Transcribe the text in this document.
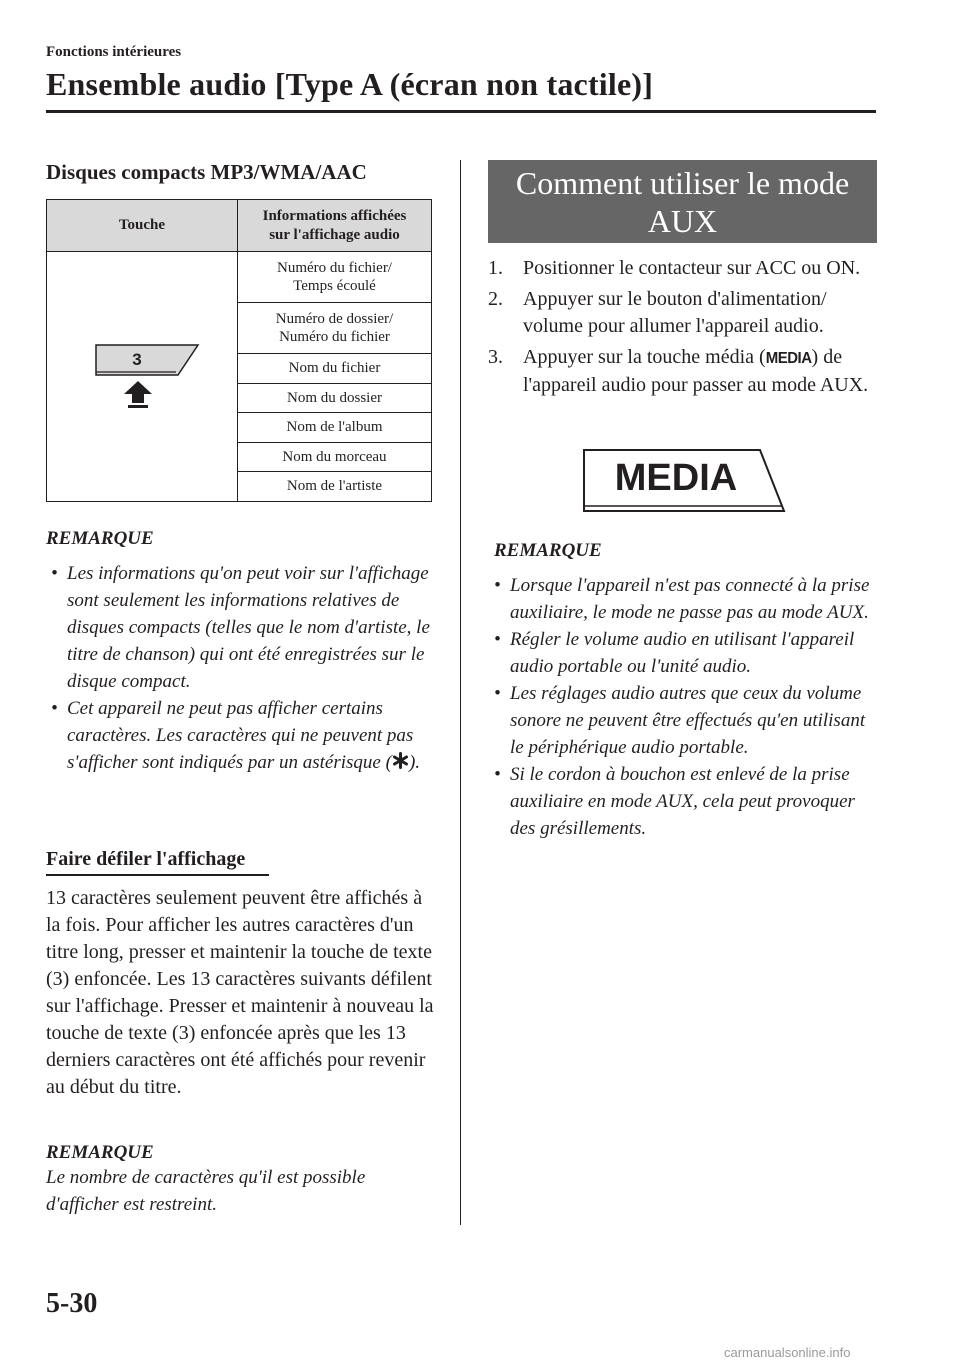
Fonctions intérieures
Ensemble audio [Type A (écran non tactile)]
Disques compacts MP3/WMA/AAC
Touche	Informations affichées
sur l'affichage audio

3	Numéro du fichier/
Temps écoulé
	Numéro de dossier/
Numéro du fichier
	Nom du fichier
	Nom du dossier
	Nom de l'album
	Nom du morceau
	Nom de l'artiste
REMARQUE
• Les informations qu'on peut voir sur l'affichage sont seulement les informations relatives de disques compacts (telles que le nom d'artiste, le titre de chanson) qui ont été enregistrées sur le disque compact.
• Cet appareil ne peut pas afficher certains caractères. Les caractères qui ne peuvent pas s'afficher sont indiqués par un astérisque ( ).
Faire défiler l'affichage
13 caractères seulement peuvent être affichés à la fois. Pour afficher les autres caractères d'un titre long, presser et maintenir la touche de texte (3) enfoncée. Les 13 caractères suivants défilent sur l'affichage. Presser et maintenir à nouveau la touche de texte (3) enfoncée après que les 13 derniers caractères ont été affichés pour revenir au début du titre.
REMARQUE
Le nombre de caractères qu'il est possible d'afficher est restreint.
Comment utiliser le mode
AUX
1. Positionner le contacteur sur ACC ou ON.
2. Appuyer sur le bouton d'alimentation/ volume pour allumer l'appareil audio.
3. Appuyer sur la touche média (MEDIA) de l'appareil audio pour passer au mode AUX.
MEDIA
REMARQUE
• Lorsque l'appareil n'est pas connecté à la prise auxiliaire, le mode ne passe pas au mode AUX.
• Régler le volume audio en utilisant l'appareil audio portable ou l'unité audio.
• Les réglages audio autres que ceux du volume sonore ne peuvent être effectués qu'en utilisant le périphérique audio portable.
• Si le cordon à bouchon est enlevé de la prise auxiliaire en mode AUX, cela peut provoquer des grésillements.
5-30
carmanualsonline.info
